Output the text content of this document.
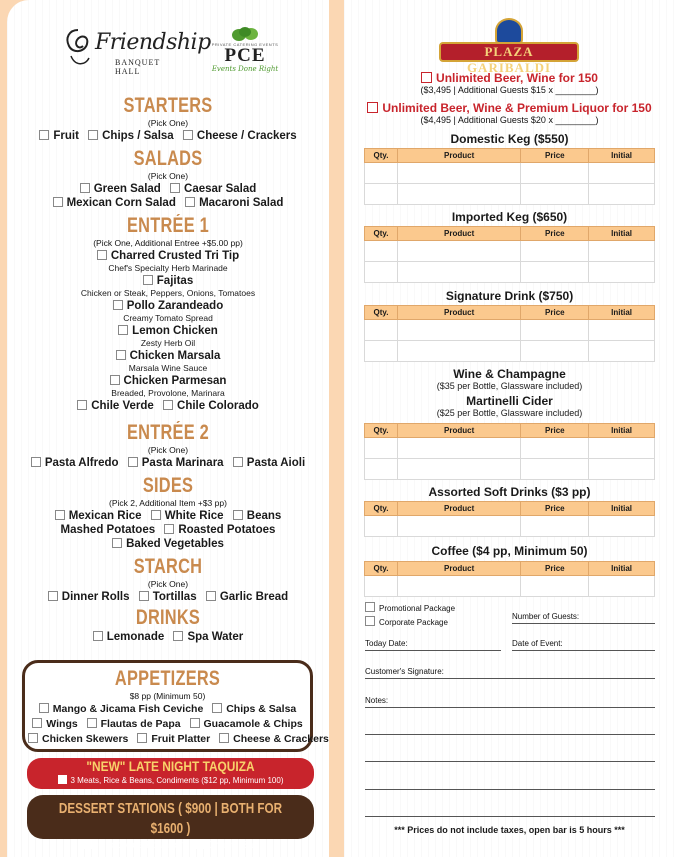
Friendship
BANQUET HALL
PRIVATE CATERING EVENTS
PCE
Events Done Right
STARTERS
(Pick One)
Fruit Chips / Salsa Cheese / Crackers
SALADS
(Pick One)
Green Salad Caesar Salad
Mexican Corn Salad Macaroni Salad
ENTRÉE 1
(Pick One, Additional Entree +$5.00 pp)
Charred Crusted Tri Tip
Chef's Specialty Herb Marinade
Fajitas
Chicken or Steak, Peppers, Onions, Tomatoes
Pollo Zarandeado
Creamy Tomato Spread
Lemon Chicken
Zesty Herb Oil
Chicken Marsala
Marsala Wine Sauce
Chicken Parmesan
Breaded, Provolone, Marinara
Chile Verde Chile Colorado
ENTRÉE 2
(Pick One)
Pasta Alfredo Pasta Marinara Pasta Aioli
SIDES
(Pick 2, Additional Item +$3 pp)
Mexican Rice White Rice Beans
Mashed Potatoes Roasted Potatoes
Baked Vegetables
STARCH
(Pick One)
Dinner Rolls Tortillas Garlic Bread
DRINKS
Lemonade Spa Water
APPETIZERS
$8 pp (Minimum 50)
Mango & Jicama Fish Ceviche Chips & Salsa
Wings Flautas de Papa Guacamole & Chips
Chicken Skewers Fruit Platter Cheese & Crackers
"NEW" LATE NIGHT TAQUIZA
3 Meats, Rice & Beans, Condiments ($12 pp, Minimum 100)
DESSERT STATIONS ( $900 | BOTH FOR $1600 )
Chocolate Fountain Churro Bar
PLAZA GARIBALDI
Unlimited Beer, Wine for 150
($3,495 | Additional Guests $15 x ________)
Unlimited Beer, Wine & Premium Liquor for 150
($4,495 | Additional Guests $20 x ________)
Domestic Keg ($550)
Qty.	Product	Price	Initial

Imported Keg ($650)
Qty.	Product	Price	Initial

Signature Drink ($750)
Qty.	Product	Price	Initial

Wine & Champagne
($35 per Bottle, Glassware included)
Martinelli Cider
($25 per Bottle, Glassware included)
Qty.	Product	Price	Initial

Assorted Soft Drinks ($3 pp)
Qty.	Product	Price	Initial

Coffee ($4 pp, Minimum 50)
Qty.	Product	Price	Initial

Promotional Package
Corporate Package
Number of Guests:
Today Date:	Date of Event:
Customer's Signature:
Notes:
*** Prices do not include taxes, open bar is 5 hours ***
